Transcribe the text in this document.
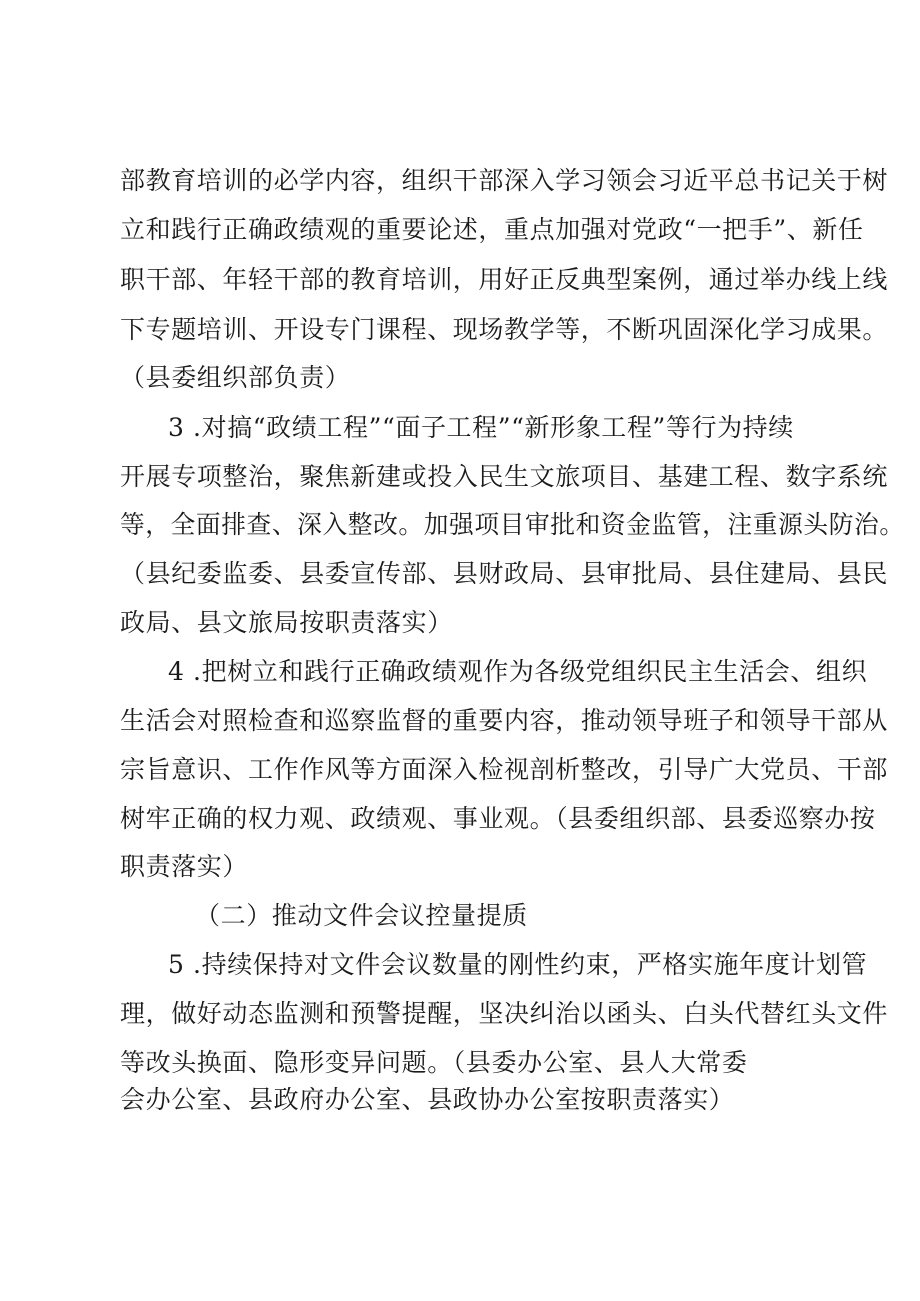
部教育培训的必学内容，组织干部深入学习领会习近平总书记关于树
立和践行正确政绩观的重要论述，重点加强对党政“一把手”、新任
职干部、年轻干部的教育培训，用好正反典型案例，通过举办线上线
下专题培训、开设专门课程、现场教学等，不断巩固深化学习成果。
（县委组织部负责）
3 .对搞“政绩工程”“面子工程”“新形象工程”等行为持续
开展专项整治，聚焦新建或投入民生文旅项目、基建工程、数字系统
等，全面排查、深入整改。加强项目审批和资金监管，注重源头防治。
（县纪委监委、县委宣传部、县财政局、县审批局、县住建局、县民
政局、县文旅局按职责落实）
4 .把树立和践行正确政绩观作为各级党组织民主生活会、组织
生活会对照检查和巡察监督的重要内容，推动领导班子和领导干部从
宗旨意识、工作作风等方面深入检视剖析整改，引导广大党员、干部
树牢正确的权力观、政绩观、事业观。（县委组织部、县委巡察办按
职责落实）
（二）推动文件会议控量提质
5 .持续保持对文件会议数量的刚性约束，严格实施年度计划管
理，做好动态监测和预警提醒，坚决纠治以函头、白头代替红头文件
等改头换面、隐形变异问题。（县委办公室、县人大常委
会办公室、县政府办公室、县政协办公室按职责落实）
